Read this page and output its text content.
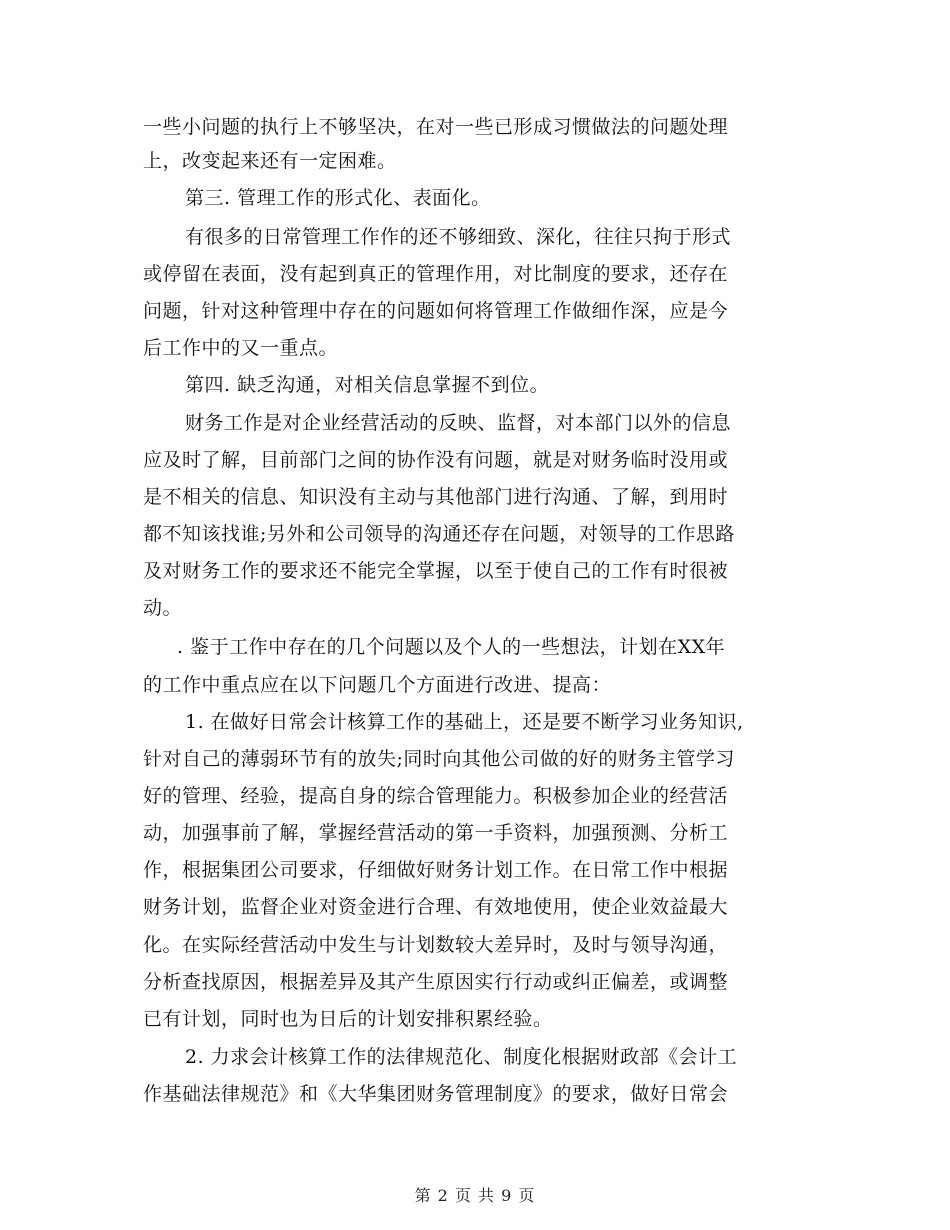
一些小问题的执行上不够坚决，在对一些已形成习惯做法的问题处理
上，改变起来还有一定困难。
第三. 管理工作的形式化、表面化。
有很多的日常管理工作作的还不够细致、深化，往往只拘于形式
或停留在表面，没有起到真正的管理作用，对比制度的要求，还存在
问题，针对这种管理中存在的问题如何将管理工作做细作深，应是今
后工作中的又一重点。
第四. 缺乏沟通，对相关信息掌握不到位。
财务工作是对企业经营活动的反映、监督，对本部门以外的信息
应及时了解，目前部门之间的协作没有问题，就是对财务临时没用或
是不相关的信息、知识没有主动与其他部门进行沟通、了解，到用时
都不知该找谁;另外和公司领导的沟通还存在问题，对领导的工作思路
及对财务工作的要求还不能完全掌握，以至于使自己的工作有时很被
动。
. 鉴于工作中存在的几个问题以及个人的一些想法，计划在XX年
的工作中重点应在以下问题几个方面进行改进、提高：
1. 在做好日常会计核算工作的基础上，还是要不断学习业务知识,
针对自己的薄弱环节有的放失;同时向其他公司做的好的财务主管学习
好的管理、经验，提高自身的综合管理能力。积极参加企业的经营活
动，加强事前了解，掌握经营活动的第一手资料，加强预测、分析工
作，根据集团公司要求，仔细做好财务计划工作。在日常工作中根据
财务计划，监督企业对资金进行合理、有效地使用，使企业效益最大
化。在实际经营活动中发生与计划数较大差异时，及时与领导沟通，
分析查找原因，根据差异及其产生原因实行行动或纠正偏差，或调整
已有计划，同时也为日后的计划安排积累经验。
2. 力求会计核算工作的法律规范化、制度化根据财政部《会计工
作基础法律规范》和《大华集团财务管理制度》的要求，做好日常会
第 2 页 共 9 页
